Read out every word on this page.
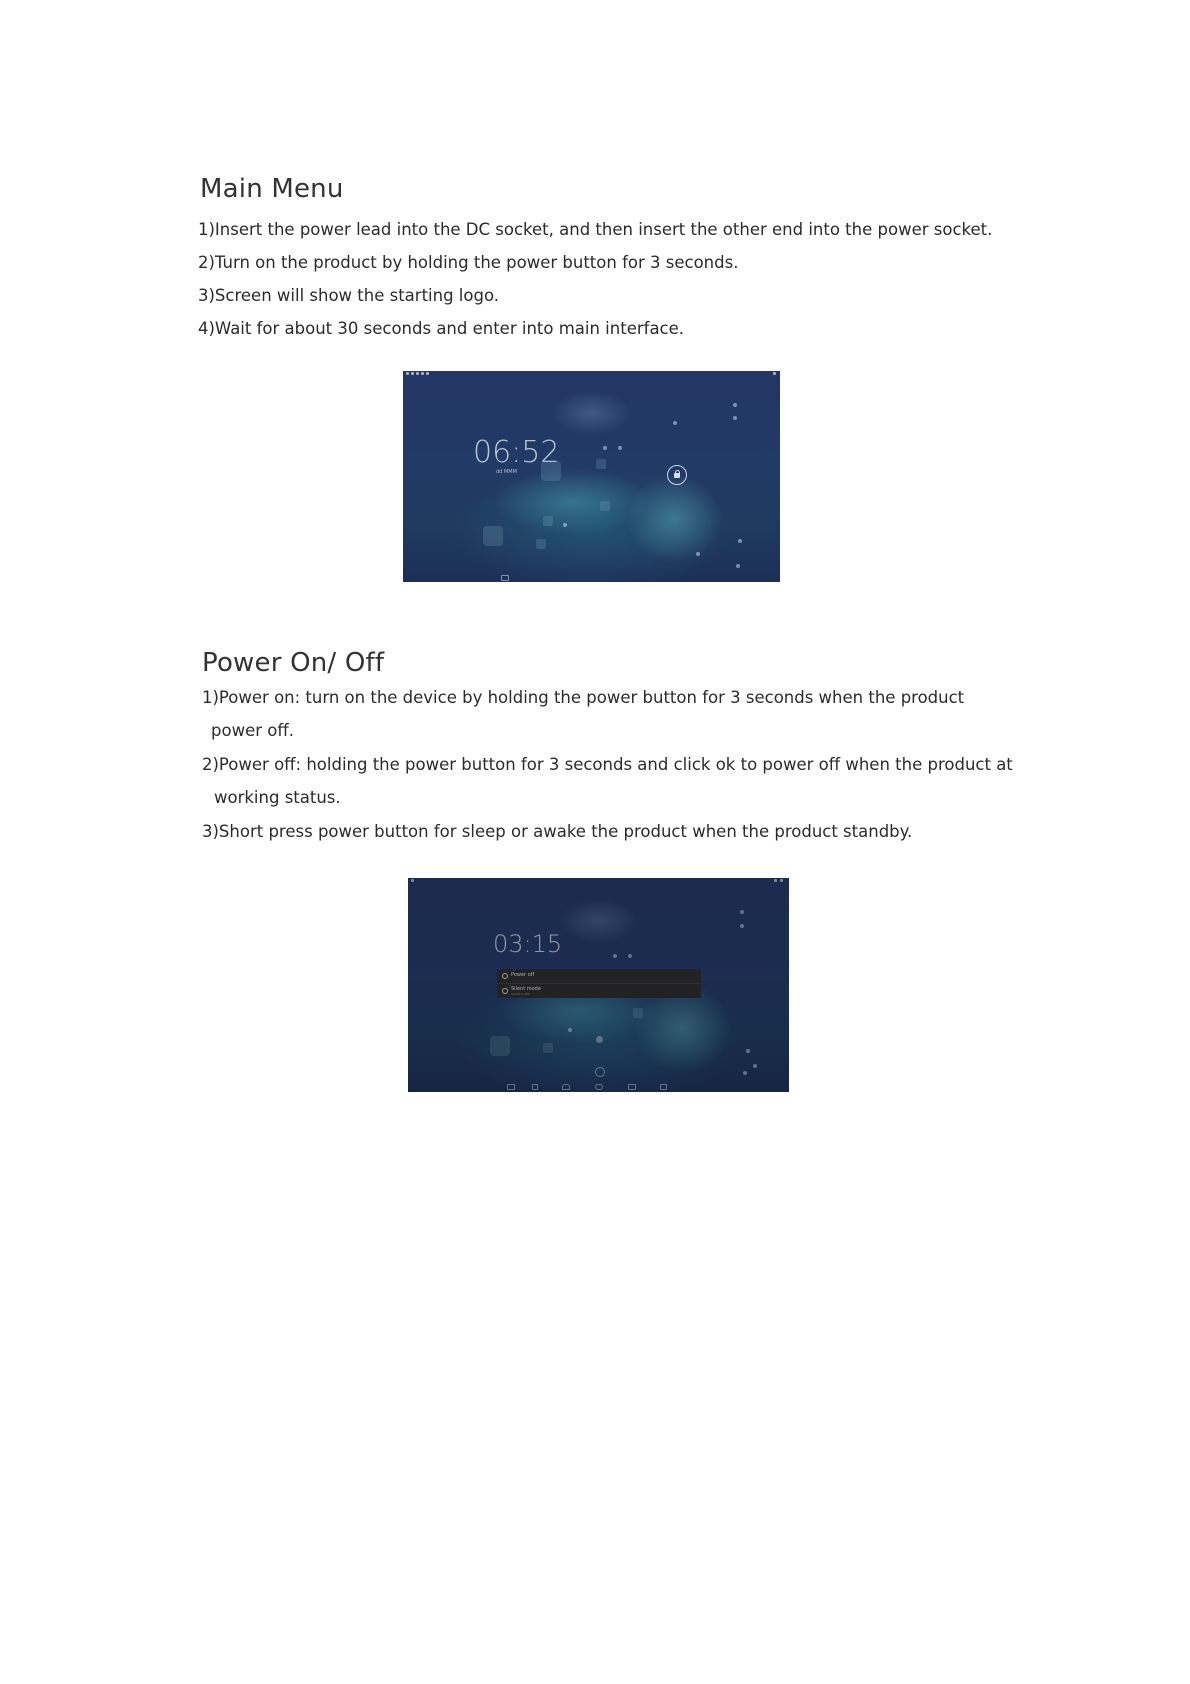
Main Menu

1)Insert the power lead into the DC socket, and then insert the other end into the power socket.

2)Turn on the product by holding the power button for 3 seconds.

3)Screen will show the starting logo.

4)Wait for about 30 seconds and enter into main interface.

06:52
dd MMM
Power On/ Off

1)Power on: turn on the device by holding the power button for 3 seconds when the product

power off.

2)Power off: holding the power button for 3 seconds and click ok to power off when the product at

working status.

3)Short press power button for sleep or awake the product when the product standby.

03:15
Power off
Silent mode
Sound is ON
